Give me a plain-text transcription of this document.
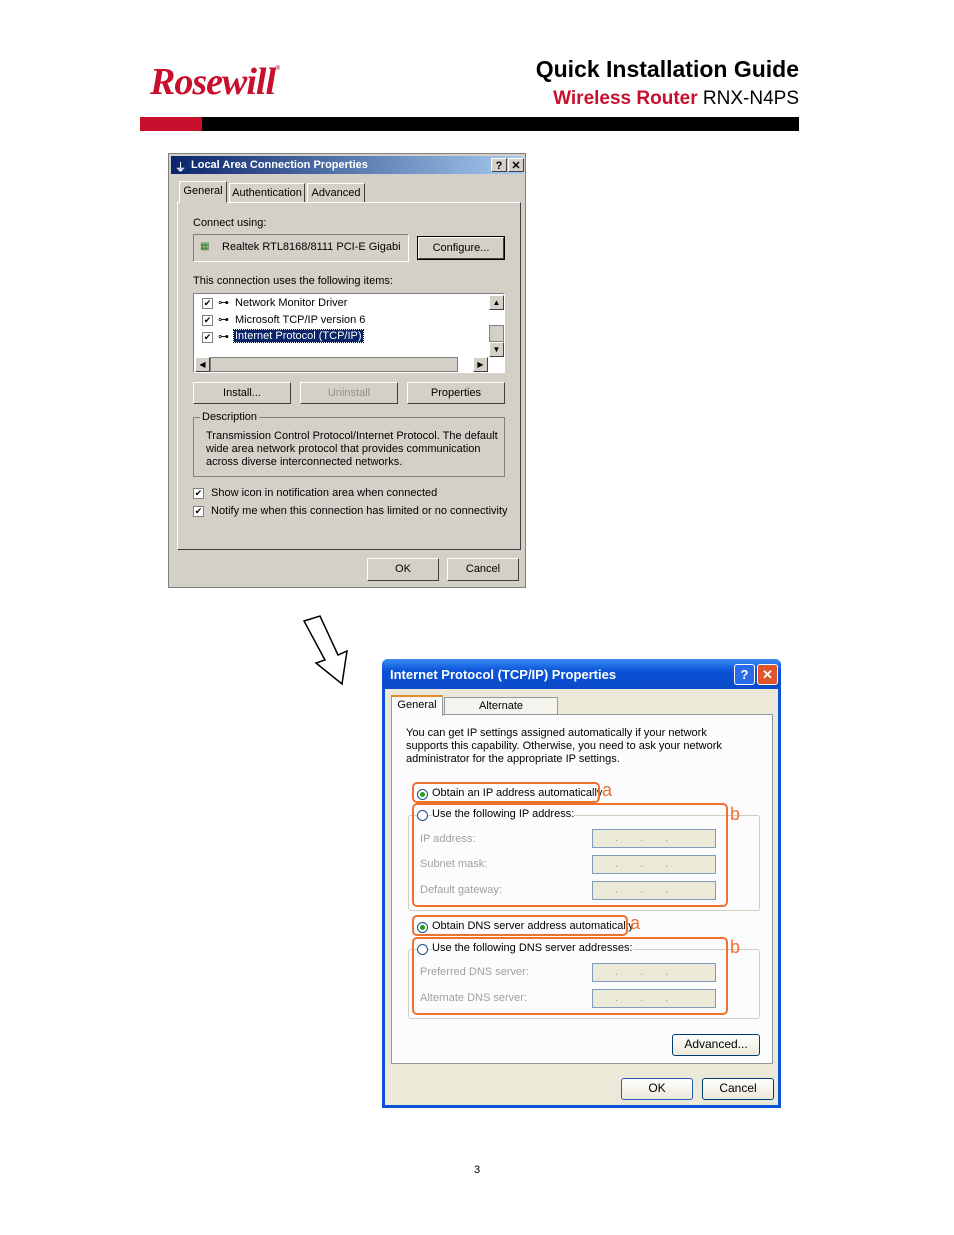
Rosewill®	Quick Installation Guide
Wireless Router RNX-N4PS
⏚ Local Area Connection Properties	? ✕
General Authentication Advanced
Connect using:
▦ Realtek RTL8168/8111 PCI-E Gigabi	Configure...
This connection uses the following items:
✔ ⊶ Network Monitor Driver
✔ ⊶ Microsoft TCP/IP version 6
✔ ⊶ Internet Protocol (TCP/IP)
▲
▼
◀	▶
Install...	Uninstall	Properties
Description
Transmission Control Protocol/Internet Protocol. The default wide area network protocol that provides communication across diverse interconnected networks.
✔ Show icon in notification area when connected
✔ Notify me when this connection has limited or no connectivity
OK	Cancel
Internet Protocol (TCP/IP) Properties	?	✕
General	Alternate
You can get IP settings assigned automatically if your network supports this capability. Otherwise, you need to ask your network administrator for the appropriate IP settings.
Obtain an IP address automatically a
Use the following IP address:
IP address:	...
Subnet mask:	...
Default gateway:	...
b
Obtain DNS server address automatically
a
Use the following DNS server addresses:
Preferred DNS server:	...
Alternate DNS server:	...
b
Advanced...
OK	Cancel
3
